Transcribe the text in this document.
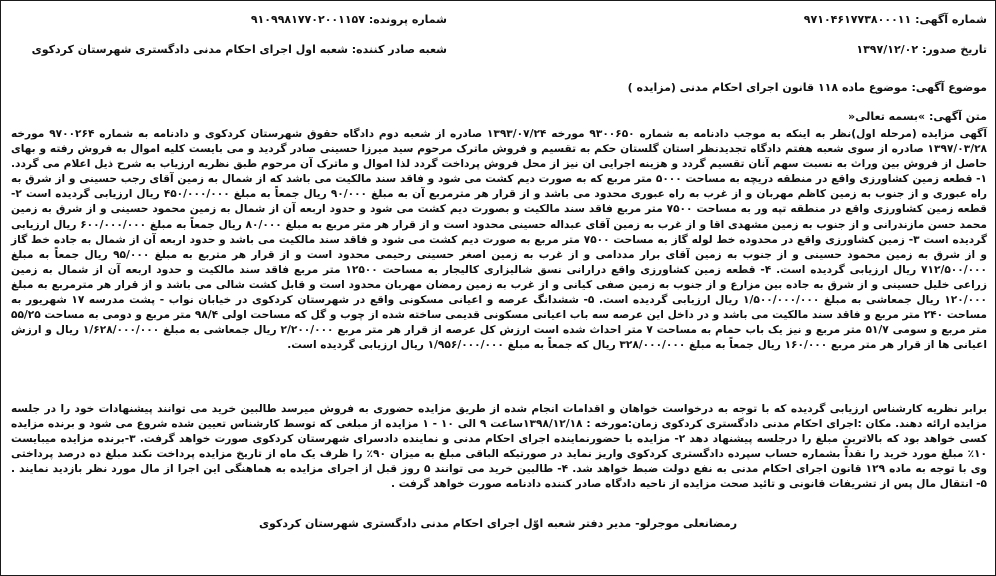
شماره آگهی: ۹۷۱۰۴۶۱۷۷۳۸۰۰۰۱۱
شماره پرونده: ۹۱۰۹۹۸۱۷۷۰۲۰۰۱۱۵۷
تاریخ صدور: ۱۳۹۷/۱۲/۰۲
شعبه صادر کننده: شعبه اول اجرای احکام مدنی دادگستری شهرستان کردکوی
موضوع آگهی: موضوع ماده ۱۱۸ قانون اجرای احکام مدنی (مزایده )
متن آگهی: »بسمه تعالی«

آگهی مزایده (مرحله اول)نظر به اینکه به موجب دادنامه به شماره ۹۳۰۰۶۵۰ مورخه ۱۳۹۳/۰۷/۲۴ صادره از شعبه دوم دادگاه حقوق شهرستان کردکوی و دادنامه به شماره ۹۷۰۰۲۶۴ مورخه ۱۳۹۷/۰۳/۲۸ صادره از سوی شعبه هفتم دادگاه تجدیدنظر استان گلستان حکم به تقسیم و فروش ماترک مرحوم سید میرزا حسینی صادر گردید و می بایست کلیه اموال به فروش رفته و بهای حاصل از فروش بین وراث به نسبت سهم آنان تقسیم گردد و هزینه اجرایی ان نیز از محل فروش پرداخت گردد لذا اموال و ماترک آن مرحوم طبق نظریه ارزیاب به شرح ذیل اعلام می گردد. ۱- قطعه زمین کشاورزی واقع در منطقه دریچه به مساحت ۵۰۰۰ متر مربع که به صورت دیم کشت می شود و فاقد سند مالکیت می باشد که از شمال به زمین آقای رجب حسینی و از شرق به راه عبوری و از جنوب به زمین کاظم مهربان و از غرب به راه عبوری محدود می باشد و از قرار هر مترمربع آن به مبلغ ۹۰/۰۰۰ ریال جمعاً به مبلغ ۴۵۰/۰۰۰/۰۰۰ ریال ارزیابی گردیده است ۲- قطعه زمین کشاورزی واقع در منطقه تپه ور به مساحت ۷۵۰۰ متر مربع فاقد سند مالکیت و بصورت دیم کشت می شود و حدود اربعه آن از شمال به زمین محمود حسینی و از شرق به زمین محمد حسن مازندرانی و از جنوب به زمین مشهدی اقا و از غرب به زمین آقای عبداله حسینی محدود است و از قرار هر متر مربع به مبلغ ۸۰/۰۰۰ ریال جمعاً به مبلغ ۶۰۰/۰۰۰/۰۰۰ ریال ارزیابی گردیده است ۳- زمین کشاورزی واقع در محدوده خط لوله گاز به مساحت ۷۵۰۰ متر مربع به صورت دیم کشت می شود و فاقد سند مالکیت می باشد و حدود اربعه آن از شمال به جاده خط گاز و از شرق به زمین محمود حسینی و از جنوب به زمین آقای برار مددامی و از غرب به زمین اصغر حسینی رحیمی محدود است و از قرار هر متربع به مبلغ ۹۵/۰۰۰ ریال جمعاً به مبلغ ۷۱۲/۵۰۰/۰۰۰ ریال ارزیابی گردیده است. ۴- قطعه زمین کشاورزی واقع درارانی نسق شالیزاری کالیجار به مساحت ۱۲۵۰۰ متر مربع فاقد سند مالکیت و حدود اربعه آن از شمال به زمین زراعی خلیل حسینی و از شرق به جاده بین مزارع و از جنوب به زمین صفی کیانی و از غرب به زمین رمضان مهربان محدود است و قابل کشت شالی می باشد و از قرار هر مترمربع به مبلغ ۱۲۰/۰۰۰ ریال جمعاشی به مبلغ ۱/۵۰۰/۰۰۰/۰۰۰ ریال ارزیابی گردیده است. ۵- ششدانگ عرصه و اعیانی مسکونی واقع در شهرستان کردکوی در خیابان نواب - پشت مدرسه ۱۷ شهریور به مساحت ۲۴۰ متر مربع و فاقد سند مالکیت می باشد و در داخل این عرصه سه باب اعیانی مسکونی قدیمی ساخته شده از چوب و گل که مساحت اولی ۹۸/۴ متر مربع و دومی به مساحت ۵۵/۲۵ متر مربع و سومی ۵۱/۷ متر مربع و نیز یک باب حمام به مساحت ۷ متر احداث شده است ارزش کل عرصه از قرار هر متر مربع ۲/۲۰۰/۰۰۰ ریال جمعاشی به مبلغ ۱/۶۲۸/۰۰۰/۰۰۰ ریال و ارزش اعیانی ها از قرار هر متر مربع ۱۶۰/۰۰۰ ریال جمعاً به مبلغ ۳۲۸/۰۰۰/۰۰۰ ریال که جمعاً به مبلغ ۱/۹۵۶/۰۰۰/۰۰۰ ریال ارزیابی گردیده است.

برابر نظریه کارشناس ارزیابی گردیده که با توجه به درخواست خواهان و اقدامات انجام شده از طریق مزایده حضوری به فروش میرسد طالبین خرید می توانند پیشنهادات خود را در جلسه مزایده ارائه دهند. مکان :اجرای احکام مدنی دادگستری کردکوی زمان:مورخه : ۱۳۹۸/۱۲/۱۸ساعت ۹ الی ۱۰ - ۱ مزایده از مبلغی که توسط کارشناس تعیین شده شروع می شود و برنده مزایده کسی خواهد بود که بالاترین مبلغ را درجلسه پیشنهاد دهد ۲- مزایده با حضورنماینده اجرای احکام مدنی و نماینده دادسرای شهرستان کردکوی صورت خواهد گرفت. ۳-برنده مزایده میبایست ۱۰٪ مبلغ مورد خرید را نقداً بشماره حساب سپرده دادگستری کردکوی واریز نماید در صورتیکه الباقی مبلغ به میزان ۹۰٪ را ظرف یک ماه از تاریخ مزایده پرداخت نکند مبلغ ده درصد پرداختی وی با توجه به ماده ۱۲۹ قانون اجرای احکام مدنی به نفع دولت ضبط خواهد شد. ۴- طالبین خرید می توانند ۵ روز قبل از اجرای مزایده به هماهنگی این اجرا از مال مورد نظر بازدید نمایند . ۵- انتقال مال پس از تشریفات قانونی و تائید صحت مزایده از ناحیه دادگاه صادر کننده دادنامه صورت خواهد گرفت .

رمضانعلی موجرلو- مدیر دفتر شعبه اوّل اجرای احکام مدنی دادگستری شهرستان کردکوی
